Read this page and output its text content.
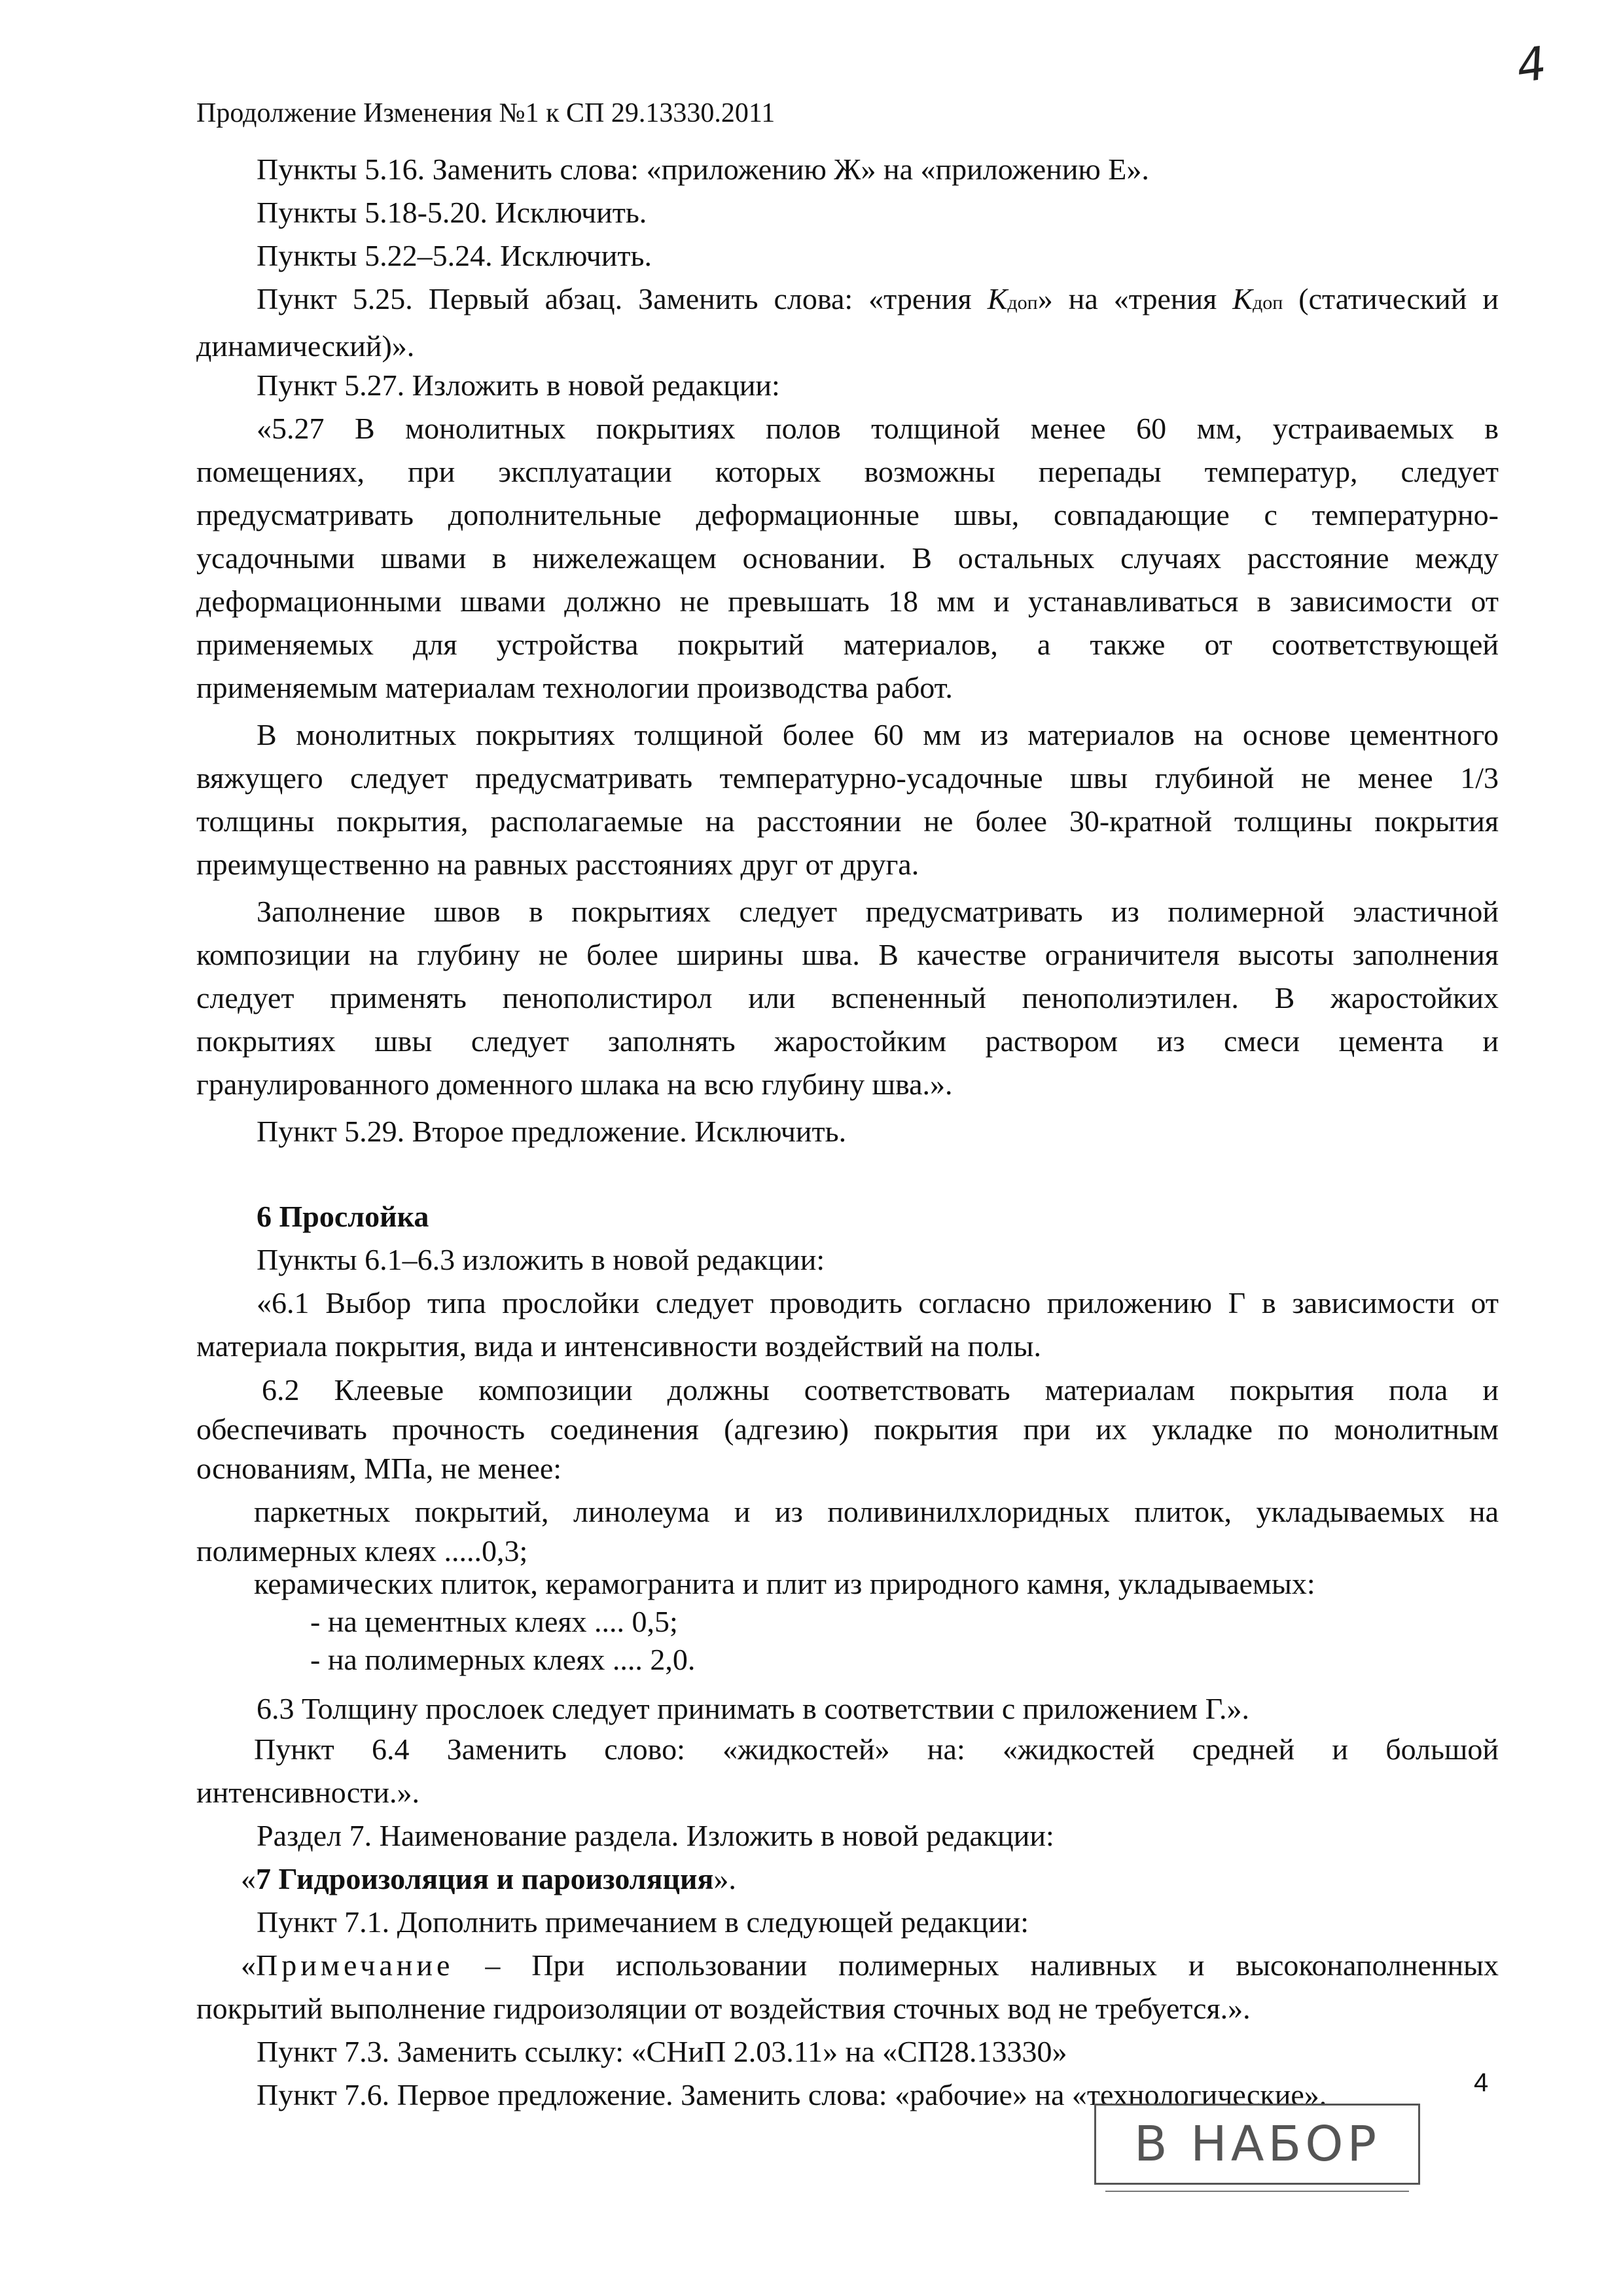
4
Продолжение Изменения №1 к СП 29.13330.2011
Пункты 5.16. Заменить слова: «приложению Ж» на «приложению Е».
Пункты 5.18-5.20. Исключить.
Пункты 5.22–5.24. Исключить.
Пункт 5.25. Первый абзац. Заменить слова: «трения Kдоп» на «трения Kдоп (статический и
динамический)».
Пункт 5.27. Изложить в новой редакции:
«5.27 В монолитных покрытиях полов толщиной менее 60 мм, устраиваемых в
помещениях, при эксплуатации которых возможны перепады температур, следует
предусматривать дополнительные деформационные швы, совпадающие с температурно-
усадочными швами в нижележащем основании. В остальных случаях расстояние между
деформационными швами должно не превышать 18 мм и устанавливаться в зависимости от
применяемых для устройства покрытий материалов, а также от соответствующей
применяемым материалам технологии производства работ.
В монолитных покрытиях толщиной более 60 мм из материалов на основе цементного
вяжущего следует предусматривать температурно-усадочные швы глубиной не менее 1/3
толщины покрытия, располагаемые на расстоянии не более 30-кратной толщины покрытия
преимущественно на равных расстояниях друг от друга.
Заполнение швов в покрытиях следует предусматривать из полимерной эластичной
композиции на глубину не более ширины шва. В качестве ограничителя высоты заполнения
следует применять пенополистирол или вспененный пенополиэтилен. В жаростойких
покрытиях швы следует заполнять жаростойким раствором из смеси цемента и
гранулированного доменного шлака на всю глубину шва.».
Пункт 5.29. Второе предложение. Исключить.
6 Прослойка
Пункты 6.1–6.3 изложить в новой редакции:
«6.1 Выбор типа прослойки следует проводить согласно приложению Г в зависимости от
материала покрытия, вида и интенсивности воздействий на полы.
6.2 Клеевые композиции должны соответствовать материалам покрытия пола и
обеспечивать прочность соединения (адгезию) покрытия при их укладке по монолитным
основаниям, МПа, не менее:
паркетных покрытий, линолеума и из поливинилхлоридных плиток, укладываемых на
полимерных клеях .....0,3;
керамических плиток, керамогранита и плит из природного камня, укладываемых:
- на цементных клеях .... 0,5;
- на полимерных клеях .... 2,0.
6.3 Толщину прослоек следует принимать в соответствии с приложением Г.».
Пункт 6.4 Заменить слово: «жидкостей» на: «жидкостей средней и большой
интенсивности.».
Раздел 7. Наименование раздела. Изложить в новой редакции:
«7 Гидроизоляция и пароизоляция».
Пункт 7.1. Дополнить примечанием в следующей редакции:
«Примечание – При использовании полимерных наливных и высоконаполненных
покрытий выполнение гидроизоляции от воздействия сточных вод не требуется.».
Пункт 7.3. Заменить ссылку: «СНиП 2.03.11» на «СП28.13330»
Пункт 7.6. Первое предложение. Заменить слова: «рабочие» на «технологические».	4
В НАБОР
